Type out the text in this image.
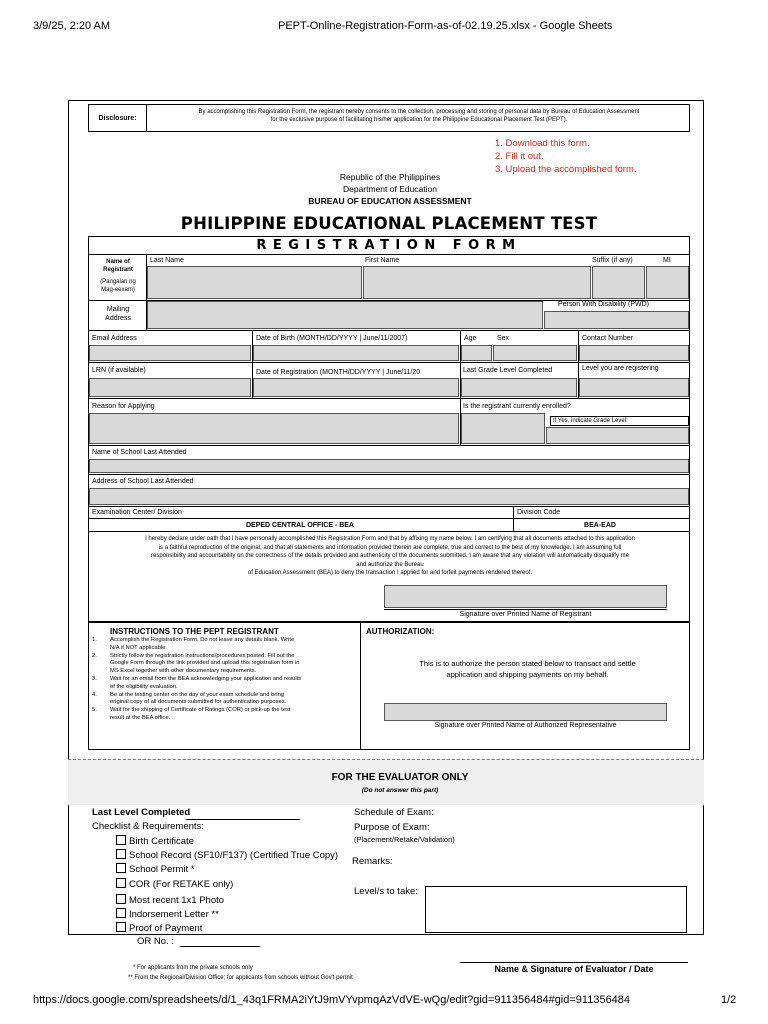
3/9/25, 2:20 AM	PEPT-Online-Registration-Form-as-of-02.19.25.xlsx - Google Sheets
https://docs.google.com/spreadsheets/d/1_43q1FRMA2iYtJ9mVYvpmqAzVdVE-wQg/edit?gid=911356484#gid=911356484	1/2
Disclosure:
By accomplishing this Registration Form, the registrant hereby consents to the collection, processing and storing of personal data by Bureau of Education Assessment
for the exclusive purpose of facilitating his/her application for the Philippine Educational Placement Test (PEPT).
1. Download this form.
2. Fill it out.
3. Upload the accomplished form.
Republic of the Philippines
Department of Education
BUREAU OF EDUCATION ASSESSMENT
PHILIPPINE EDUCATIONAL PLACEMENT TEST
REGISTRATION FORM
Name of
Registrant
(Pangalan ng
Mag-eexam)
Last Name	First Name	Suffix (if any)	MI
Mailing
Address
Person With Disability (PWD)
Email Address	Date of Birth (MONTH/DD/YYYY | June/11/2007)	Age	Sex	Contact Number
LRN (if available)	Date of Registration (MONTH/DD/YYYY | June/11/20	Last Grade Level Completed	Level you are registering
Reason for Applying	Is the registrant currently enrolled?
If Yes, indicate Grade Level:
Name of School Last Attended
Address of School Last Attended
Examination Center/ Division	Division Code
DEPED CENTRAL OFFICE - BEA	BEA-EAD
I hereby declare under oath that I have personally accomplished this Registration Form and that by affixing my name below, I am certifying that all documents attached to this application
is a faithful reproduction of the original, and that all statements and information provided therein are complete, true and correct to the best of my knowledge. I am assuming full
responsibility and accountability on the correctness of the details provided and authenticity of the documents submitted. I am aware that any violation will automatically disqualify me
and authorize the Bureau
of Education Assessment (BEA) to deny the transaction I applied for and forfeit payments rendered thereof.
Signature over Printed Name of Registrant
INSTRUCTIONS TO THE PEPT REGISTRANT
1.	Accomplish the Registration Form. Do not leave any details blank. Write
N/A if NOT applicable.
2.	Strictly follow the registration instructions/procedures posted. Fill out the
Google Form through the link provided and upload this registration form in
MS Excel together with other documentary requirements.
3.	Wait for an email from the BEA acknowledging your application and results
of the eligibility evaluation.
4.	Be at the testing center on the day of your exam schedule and bring
original copy of all documents submitted for authentication purposes.
5.	Wait for the shipping of Certificate of Ratings (COR) or pick-up the test
result at the BEA office.
AUTHORIZATION:
This is to authorize the person stated below to transact and settle
application and shipping payments on my behalf.
Signature over Printed Name of Authorized Representative
FOR THE EVALUATOR ONLY
(Do not answer this part)
Last Level Completed
Checklist & Requirements:
Birth Certificate
School Record (SF10/F137) (Certified True Copy)
School Permit *
COR (For RETAKE only)
Most recent 1x1 Photo
Indorsement Letter **
Proof of Payment
OR No. :
Schedule of Exam:
Purpose of Exam:
(Placement/Retake/Validation)
Remarks:
Level/s to take:
* For applicants from the private schools only
** From the Regional/Division Office; for applicants from schools without Gov't permit
Name & Signature of Evaluator / Date
